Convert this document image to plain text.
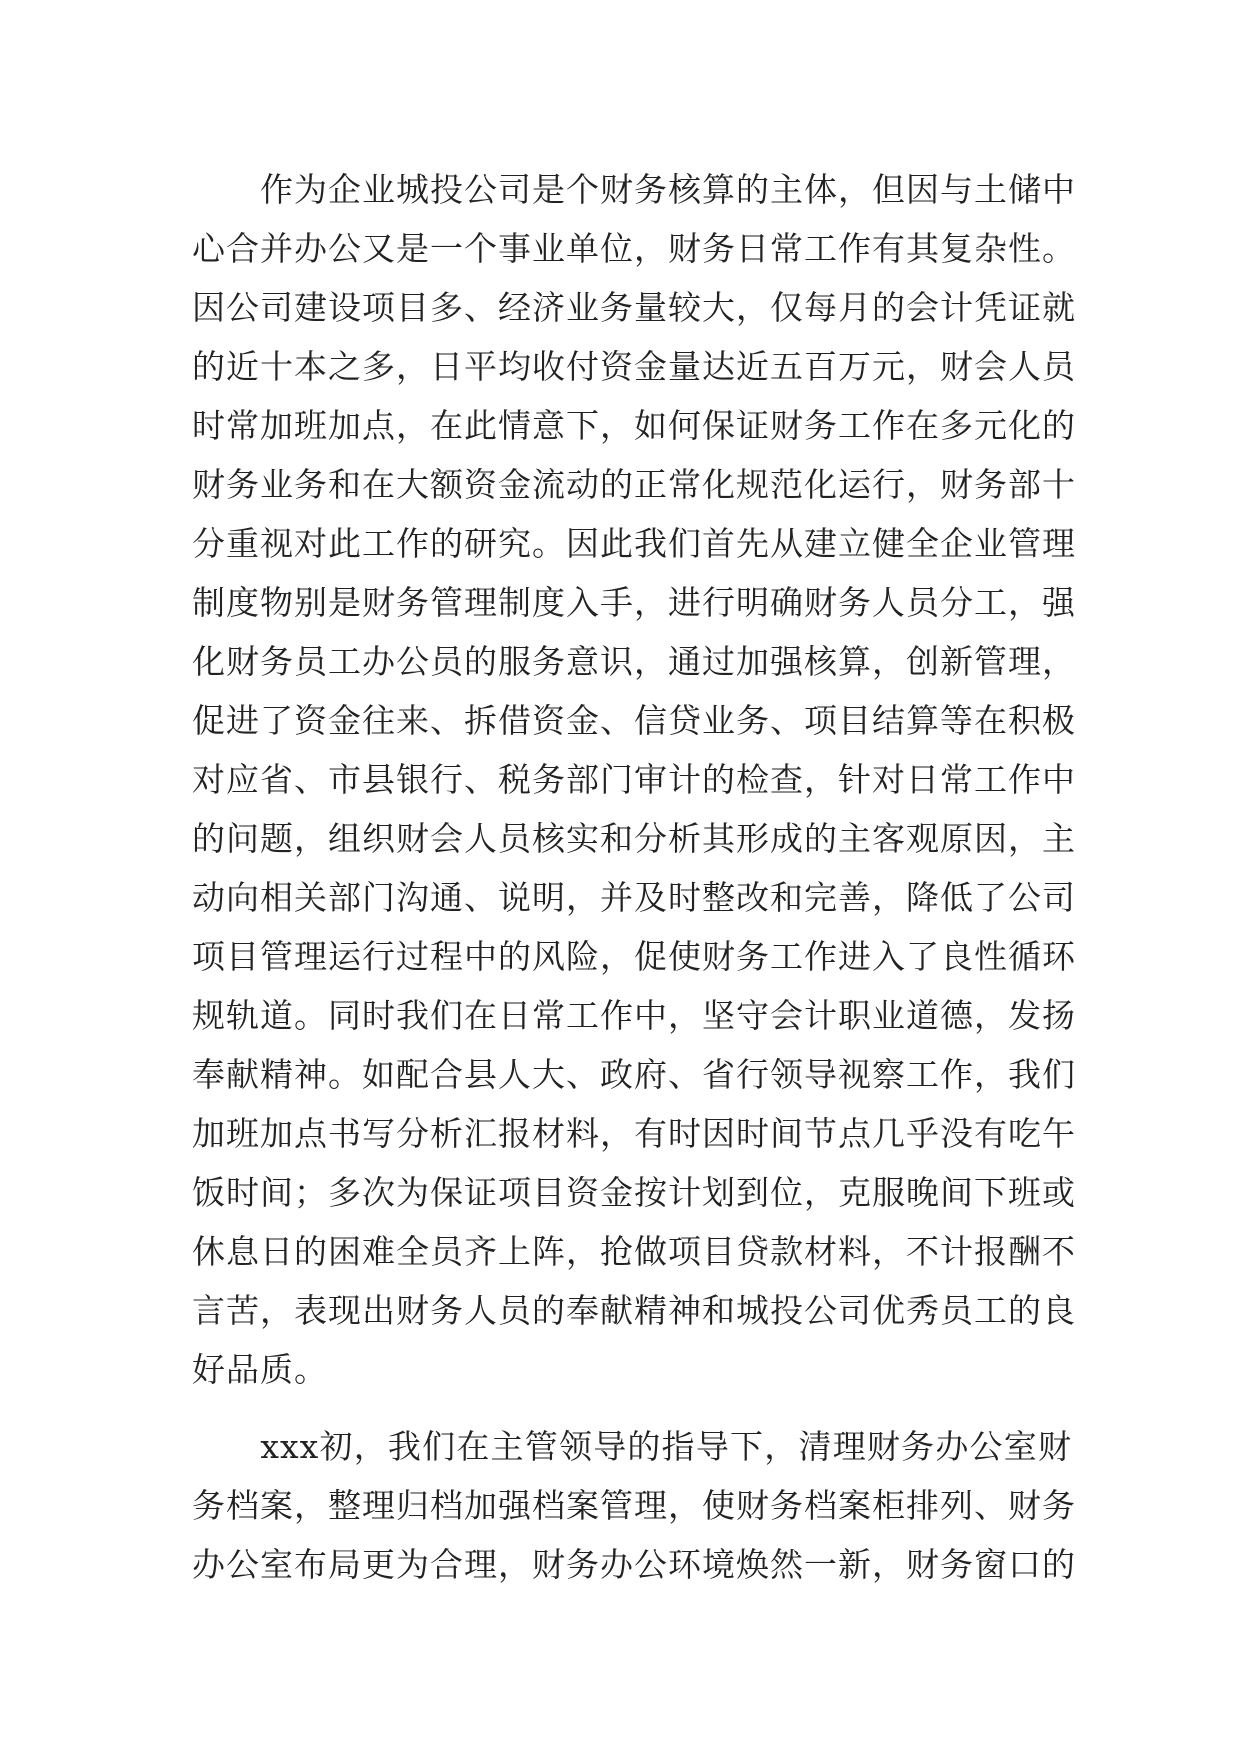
　　作为企业城投公司是个财务核算的主体，但因与土储中
心合并办公又是一个事业单位，财务日常工作有其复杂性。
因公司建设项目多、经济业务量较大，仅每月的会计凭证就
的近十本之多，日平均收付资金量达近五百万元，财会人员
时常加班加点，在此情意下，如何保证财务工作在多元化的
财务业务和在大额资金流动的正常化规范化运行，财务部十
分重视对此工作的研究。因此我们首先从建立健全企业管理
制度物别是财务管理制度入手，进行明确财务人员分工，强
化财务员工办公员的服务意识，通过加强核算，创新管理，
促进了资金往来、拆借资金、信贷业务、项目结算等在积极
对应省、市县银行、税务部门审计的检查，针对日常工作中
的问题，组织财会人员核实和分析其形成的主客观原因，主
动向相关部门沟通、说明，并及时整改和完善，降低了公司
项目管理运行过程中的风险，促使财务工作进入了良性循环
规轨道。同时我们在日常工作中，坚守会计职业道德，发扬
奉献精神。如配合县人大、政府、省行领导视察工作，我们
加班加点书写分析汇报材料，有时因时间节点几乎没有吃午
饭时间；多次为保证项目资金按计划到位，克服晚间下班或
休息日的困难全员齐上阵，抢做项目贷款材料，不计报酬不
言苦，表现出财务人员的奉献精神和城投公司优秀员工的良
好品质。
　　xxx初，我们在主管领导的指导下，清理财务办公室财
务档案，整理归档加强档案管理，使财务档案柜排列、财务
办公室布局更为合理，财务办公环境焕然一新，财务窗口的
